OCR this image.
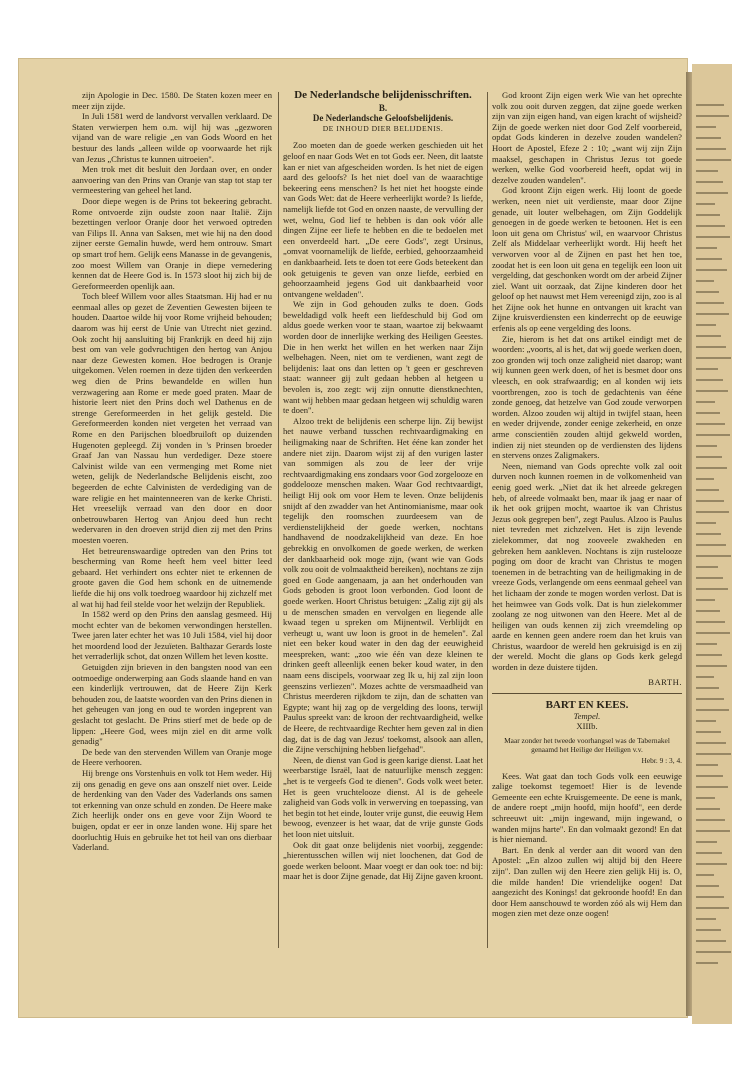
zijn Apologie in Dec. 1580. De Staten kozen meer en meer zijn zijde.

In Juli 1581 werd de landvorst vervallen verklaard. De Staten verwierpen hem o.m. wijl hij was „gezworen vijand van de ware religie „en van Gods Woord en het bestuur des lands „alleen wilde op voorwaarde het rijk van Jezus „Christus te kunnen uitroeien".

Men trok met dit besluit den Jordaan over, en onder aanvoering van den Prins van Oranje van stap tot stap ter vermeestering van geheel het land.

Door diepe wegen is de Prins tot bekeering gebracht. Rome ontvoerde zijn oudste zoon naar Italië. Zijn bezettingen verloor Oranje door het verwoed optreden van Filips II. Anna van Saksen, met wie hij na den dood zijner eerste Gemalin huwde, werd hem ontrouw. Smart op smart trof hem. Gelijk eens Manasse in de gevangenis, zoo moest Willem van Oranje in diepe vernedering kennen dat de Heere God is. In 1573 sloot hij zich bij de Gereformeerden openlijk aan.

Toch bleef Willem voor alles Staatsman. Hij had er nu eenmaal alles op gezet de Zeventien Gewesten bijeen te houden. Daartoe wilde hij voor Rome vrijheid behouden; daarom was hij eerst de Unie van Utrecht niet gezind. Ook zocht hij aansluiting bij Frankrijk en deed hij zijn best om van vele godvruchtigen den hertog van Anjou naar deze Gewesten komen. Hoe bedrogen is Oranje uitgekomen. Velen roemen in deze tijden den verkeerden weg dien de Prins bewandelde en willen hun verzwagering aan Rome er mede goed praten. Maar de historie leert niet den Prins doch wel Dathenus en de strenge Gereformeerden in het gelijk gesteld. Die Gereformeerden konden niet vergeten het verraad van Rome en den Parijschen bloedbruiloft op duizenden Hugenoten gepleegd. Zij vonden in 's Prinsen broeder Graaf Jan van Nassau hun verdediger. Deze stoere Calvinist wilde van een vermenging met Rome niet weten, gelijk de Nederlandsche Belijdenis eischt, zoo begeerden de echte Calvinisten de verdediging van de ware religie en het maintenneeren van de kerke Christi. Het vreeselijk verraad van den door en door onbetrouwbaren Hertog van Anjou deed hun recht wedervaren in den droeven strijd dien zij met den Prins moesten voeren.

Het betreurenswaardige optreden van den Prins tot bescherming van Rome heeft hem veel bitter leed gebaard. Het verhindert ons echter niet te erkennen de groote gaven die God hem schonk en de uitnemende liefde die hij ons volk toedroeg waardoor hij zichzelf met al wat hij had feil stelde voor het welzijn der Republiek.

In 1582 werd op den Prins den aanslag gesmeed. Hij mocht echter van de bekomen verwondingen herstellen. Twee jaren later echter het was 10 Juli 1584, viel hij door het moordend lood der Jezuïeten. Balthazar Gerards loste het verraderlijk schot, dat onzen Willem het leven kostte.

Getuigden zijn brieven in den bangsten nood van een ootmoedige onderwerping aan Gods slaande hand en van een kinderlijk vertrouwen, dat de Heere Zijn Kerk behouden zou, de laatste woorden van den Prins dienen in het geheugen van jong en oud te worden ingeprent van geslacht tot geslacht. De Prins stierf met de bede op de lippen: „Heere God, wees mijn ziel en dit arme volk genadig"

De bede van den stervenden Willem van Oranje moge de Heere verhooren.

Hij brenge ons Vorstenhuis en volk tot Hem weder. Hij zij ons genadig en geve ons aan onszelf niet over. Leide de herdenking van den Vader des Vaderlands ons samen tot erkenning van onze schuld en zonden. De Heere make Zich heerlijk onder ons en geve voor Zijn Woord te buigen, opdat er eer in onze landen wone. Hij spare het doorluchtig Huis en gebruike het tot heil van ons dierbaar Vaderland.

De Nederlandsche belijdenisschriften.
B.
De Nederlandsche Geloofsbelijdenis.
DE INHOUD DIER BELIJDENIS.

Zoo moeten dan de goede werken geschieden uit het geloof en naar Gods Wet en tot Gods eer. Neen, dit laatste kan er niet van afgescheiden worden. Is het niet de eigen aard des geloofs? Is het niet doel van de waarachtige bekeering eens menschen? Is het niet het hoogste einde van Gods Wet: dat de Heere verheerlijkt worde? Is liefde, namelijk liefde tot God en onzen naaste, de vervulling der wet, welnu, God lief te hebben is dan ook vóór alle dingen Zijne eer liefe te hebben en die te bedoelen met een onverdeeld hart. „De eere Gods", zegt Ursinus, „omvat voornamelijk de liefde, eerbied, gehoorzaamheid en dankbaarheid. Iets te doen tot eere Gods beteekent dan ook getuigenis te geven van onze liefde, eerbied en gehoorzaamheid jegens God uit dankbaarheid voor ontvangene weldaden".

We zijn in God gehouden zulks te doen. Gods beweldadigd volk heeft een liefdeschuld bij God om aldus goede werken voor te staan, waartoe zij bekwaamt worden door de innerlijke werking des Heiligen Geestes. Die in hen werkt het willen en het werken naar Zijn welbehagen. Neen, niet om te verdienen, want zegt de belijdenis: laat ons dan letten op 't geen er geschreven staat: wanneer gij zult gedaan hebben al hetgeen u bevolen is, zoo zegt: wij zijn onnutte dienstknechten, want wij hebben maar gedaan hetgeen wij schuldig waren te doen".

Alzoo trekt de belijdenis een scherpe lijn. Zij bewijst het nauwe verband tusschen rechtvaardigmaking en heiligmaking naar de Schriften. Het ééne kan zonder het andere niet zijn. Daarom wijst zij af den vurigen laster van sommigen als zou de leer der vrije rechtvaardigmaking ens zondaars voor God zorgelooze en goddelooze menschen maken. Waar God rechtvaardigt, heiligt Hij ook om voor Hem te leven. Onze belijdenis snijdt af den zwadder van het Antinomianisme, maar ook tegelijk den roomschen zuurdeesem van de verdienstelijkheid der goede werken, nochtans handhavend de noodzakelijkheid van deze. En hoe gebrekkig en onvolkomen de goede werken, de werken der dankbaarheid ook moge zijn, (want wie van Gods volk zou ooit de volmaaktheid bereiken), nochtans ze zijn goed en Gode aangenaam, ja aan het onderhouden van Gods geboden is groot loon verbonden. God loont de goede werken. Hoort Christus betuigen: „Zalig zijt gij als u de menschen smaden en vervolgen en liegende alle kwaad tegen u spreken om Mijnentwil. Verblijdt en verheugt u, want uw loon is groot in de hemelen". Zal niet een beker koud water in den dag der eeuwigheid meespreken, want: „zoo wie één van deze kleinen te drinken geeft alleenlijk eenen beker koud water, in den naam eens discipels, voorwaar zeg Ik u, hij zal zijn loon geenszins verliezen". Mozes achtte de versmaadheid van Christus meerderen rijkdom te zijn, dan de schatten van Egypte; want hij zag op de vergelding des loons, terwijl Paulus spreekt van: de kroon der rechtvaardigheid, welke de Heere, de rechtvaardige Rechter hem geven zal in dien dag, dat is de dag van Jezus' toekomst, alsook aan allen, die Zijne verschijning hebben liefgehad".

Neen, de dienst van God is geen karige dienst. Laat het weerbarstige Israël, laat de natuurlijke mensch zeggen: „het is te vergeefs God te dienen". Gods volk weet beter. Het is geen vruchtelooze dienst. Al is de geheele zaligheid van Gods volk in verwerving en toepassing, van het begin tot het einde, louter vrije gunst, die eeuwig Hem bewoog, evenzeer is het waar, dat de vrije gunste Gods het loon niet uitsluit.

Ook dit gaat onze belijdenis niet voorbij, zeggende: „hierentusschen willen wij niet loochenen, dat God de goede werken beloont. Maar voegt er dan ook toe: nd bij: maar het is door Zijne genade, dat Hij Zijne gaven kroont.

God kroont Zijn eigen werk Wie van het oprechte volk zou ooit durven zeggen, dat zijne goede werken zijn van zijn eigen hand, van eigen kracht of wijsheid? Zijn de goede werken niet door God Zelf voorbereid, opdat Gods kinderen in dezelve zouden wandelen? Hoort de Apostel, Efeze 2 : 10; „want wij zijn Zijn maaksel, geschapen in Christus Jezus tot goede werken, welke God voorbereid heeft, opdat wij in dezelve zouden wandelen".

God kroont Zijn eigen werk. Hij loont de goede werken, neen niet uit verdienste, maar door Zijne genade, uit louter welbehagen, om Zijn Goddelijk genoegen in de goede werken te betoonen. Het is een loon uit gena om Christus' wil, en waarvoor Christus Zelf als Middelaar verheerlijkt wordt. Hij heeft het verworven voor al de Zijnen en past het hen toe, zoodat het is een loon uit gena en tegelijk een loon uit vergelding, dat geschonken wordt om der arbeid Zijner ziel. Want uit oorzaak, dat Zijne kinderen door het geloof op het nauwst met Hem vereenigd zijn, zoo is al het Zijne ook het hunne en ontvangen uit kracht van Zijne kruisverdiensten een kinderrecht op de eeuwige erfenis als op eene vergelding des loons.

Zie, hierom is het dat ons artikel eindigt met de woorden: „voorts, al is het, dat wij goede werken doen, zoo gronden wij toch onze zaligheid niet daarop; want wij kunnen geen werk doen, of het is besmet door ons vleesch, en ook strafwaardig; en al konden wij iets voortbrengen, zoo is toch de gedachtenis van ééne zonde genoeg, dat hetzelve van God zoude verworpen worden. Alzoo zouden wij altijd in twijfel staan, heen en weder drijvende, zonder eenige zekerheid, en onze arme conscientiën zouden altijd gekweld worden, indien zij niet steunden op de verdiensten des lijdens en stervens onzes Zaligmakers.

Neen, niemand van Gods oprechte volk zal ooit durven noch kunnen roemen in de volkomenheid van eenig goed werk. „Niet dat ik het alreede gekregen heb, of alreede volmaakt ben, maar ik jaag er naar of ik het ook grijpen mocht, waartoe ik van Christus Jezus ook gegrepen ben", zegt Paulus. Alzoo is Paulus niet tevreden met zichzelven. Het is zijn levende zielekommer, dat nog zooveele zwakheden en gebreken hem aankleven. Nochtans is zijn rustelooze poging om door de kracht van Christus te mogen toenemen in de betrachting van de heiligmaking in de vreeze Gods, verlangende om eens eenmaal geheel van het lichaam der zonde te mogen worden verlost. Dat is het heimwee van Gods volk. Dat is hun zielekommer zoolang ze nog uitwonen van den Heere. Met al de heiligen van ouds kennen zij zich vreemdeling op aarde en kennen geen andere roem dan het kruis van Christus, waardoor de wereld hen gekruisigd is en zij der wereld. Mocht die glans op Gods kerk gelegd worden in deze duistere tijden.

BARTH.
BART EN KEES.
Tempel.
XIIIb.
Maar zonder het tweede voorhangsel was de Tabernakel genaamd het Heilige der Heiligen v.v.
Hebr. 9 : 3, 4.

Kees. Wat gaat dan toch Gods volk een eeuwige zalige toekomst tegemoet! Hier is de levende Gemeente een echte Kruisgemeente. De eene is mank, de andere roept „mijn hoofd, mijn hoofd", een derde schreeuwt uit: „mijn ingewand, mijn ingewand, o wanden mijns harte". En dan volmaakt gezond! En dat is hier niemand.

Bart. En denk al verder aan dit woord van den Apostel: „En alzoo zullen wij altijd bij den Heere zijn". Dan zullen wij den Heere zien gelijk Hij is. O, die milde handen! Die vriendelijke oogen! Dat aangezicht des Konings! dat gekroonde hoofd! En dan door Hem aanschouwd te worden zóó als wij Hem dan mogen zien met deze onze oogen!
